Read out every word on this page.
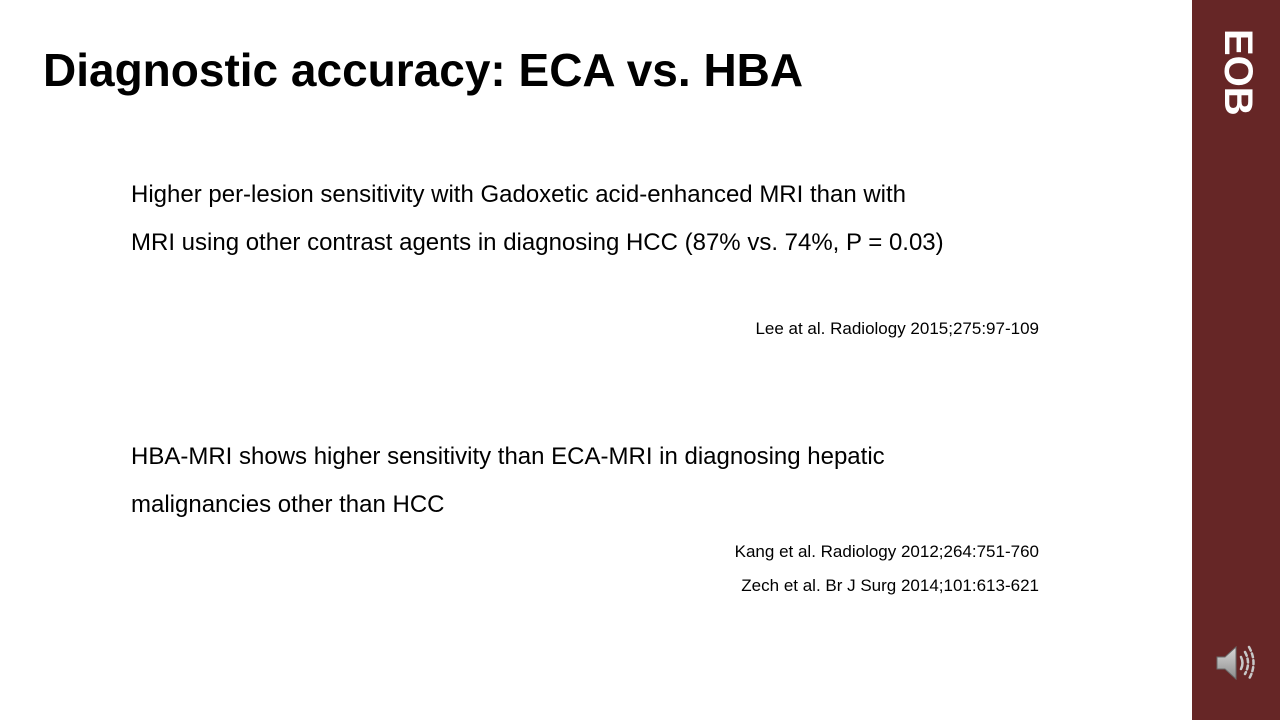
Diagnostic accuracy: ECA vs. HBA
Higher per-lesion sensitivity with Gadoxetic acid-enhanced MRI than with
MRI using other contrast agents in diagnosing HCC (87% vs. 74%, P = 0.03)
Lee at al. Radiology 2015;275:97-109
HBA-MRI shows higher sensitivity than ECA-MRI in diagnosing hepatic
malignancies other than HCC
Kang et al. Radiology 2012;264:751-760
Zech et al. Br J Surg 2014;101:613-621
EOB
